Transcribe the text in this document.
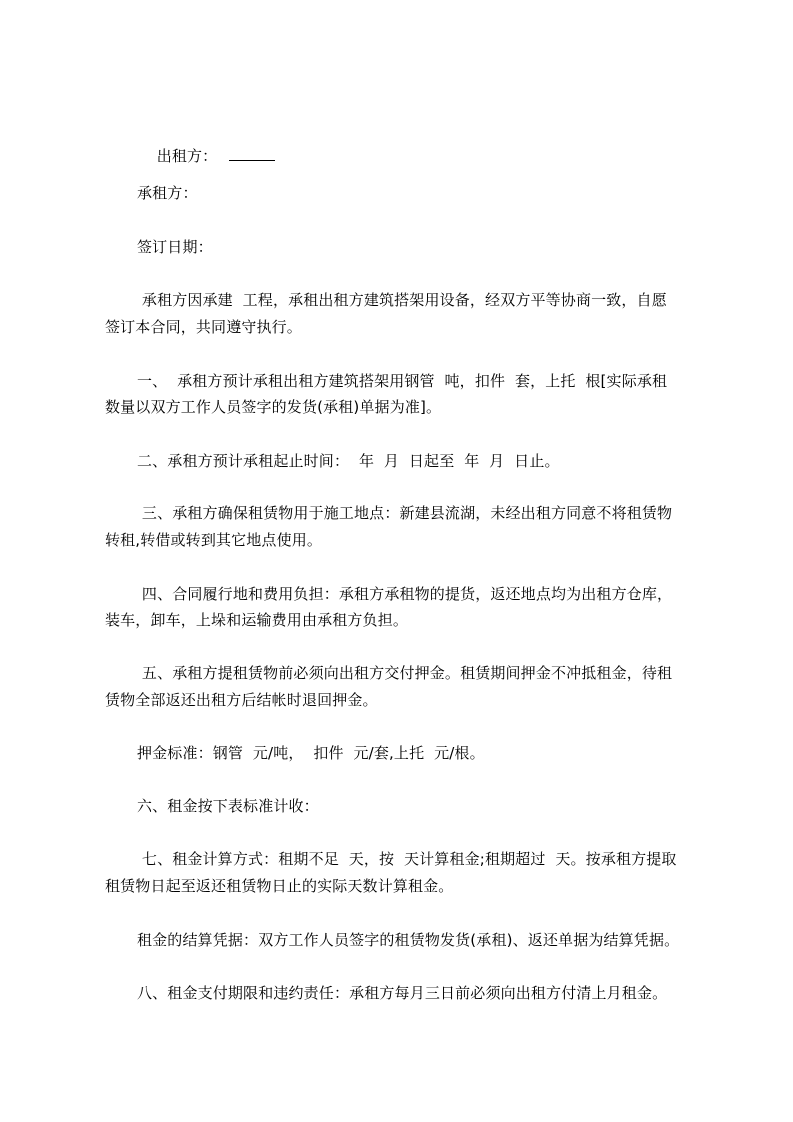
出租方：

承租方：
签订日期：
承租方因承建  工程，承租出租方建筑搭架用设备，经双方平等协商一致，自愿
签订本合同，共同遵守执行。
一、  承租方预计承租出租方建筑搭架用钢管  吨，扣件  套，上托  根[实际承租
数量以双方工作人员签字的发货(承租)单据为准]。
二、承租方预计承租起止时间：  年  月  日起至  年  月  日止。
三、承租方确保租赁物用于施工地点：新建县流湖，未经出租方同意不将租赁物
转租,转借或转到其它地点使用。
四、合同履行地和费用负担：承租方承租物的提货，返还地点均为出租方仓库，
装车，卸车，上垛和运输费用由承租方负担。
五、承租方提租赁物前必须向出租方交付押金。租赁期间押金不冲抵租金，待租
赁物全部返还出租方后结帐时退回押金。
押金标准：钢管  元/吨，  扣件  元/套,上托  元/根。
六、租金按下表标准计收：
七、租金计算方式：租期不足  天，按  天计算租金;租期超过  天。按承租方提取
租赁物日起至返还租赁物日止的实际天数计算租金。
租金的结算凭据：双方工作人员签字的租赁物发货(承租)、返还单据为结算凭据。
八、租金支付期限和违约责任：承租方每月三日前必须向出租方付清上月租金。
